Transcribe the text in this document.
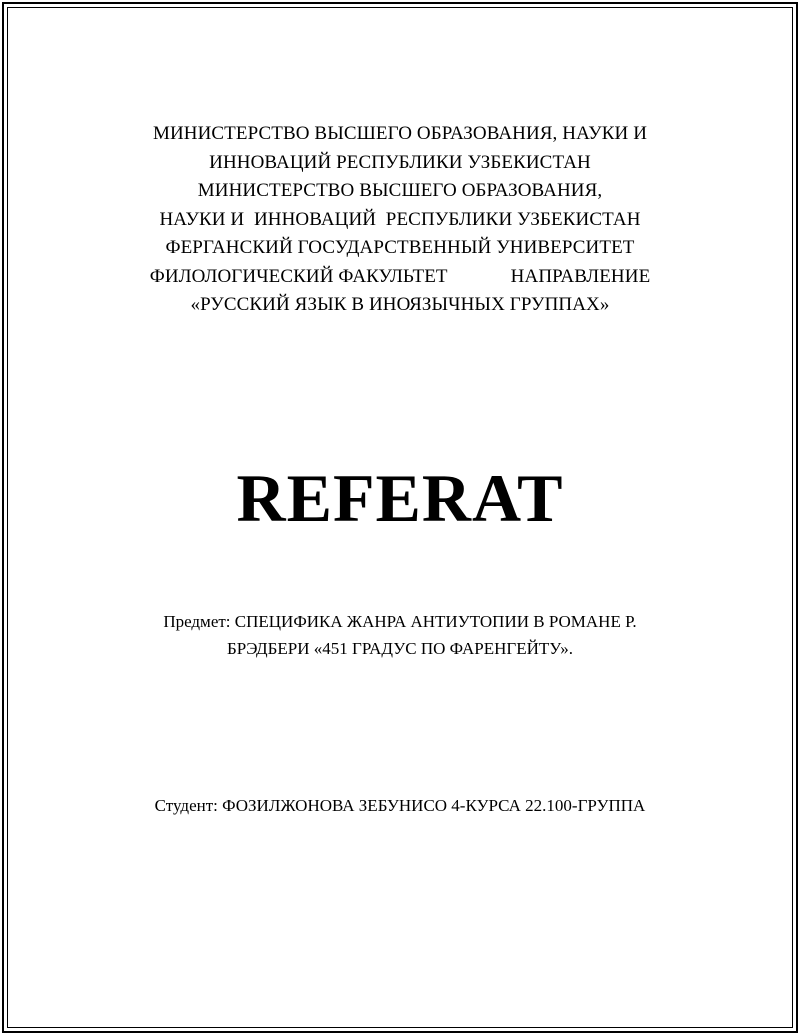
МИНИСТЕРСТВО ВЫСШЕГО ОБРАЗОВАНИЯ, НАУКИ И
ИННОВАЦИЙ РЕСПУБЛИКИ УЗБЕКИСТАН
МИНИСТЕРСТВО ВЫСШЕГО ОБРАЗОВАНИЯ,
НАУКИ И  ИННОВАЦИЙ  РЕСПУБЛИКИ УЗБЕКИСТАН
ФЕРГАНСКИЙ ГОСУДАРСТВЕННЫЙ УНИВЕРСИТЕТ
ФИЛОЛОГИЧЕСКИЙ ФАКУЛЬТЕТ             НАПРАВЛЕНИЕ
«РУССКИЙ ЯЗЫК В ИНОЯЗЫЧНЫХ ГРУППАХ»
REFERAT
Предмет: СПЕЦИФИКА ЖАНРА АНТИУТОПИИ В РОМАНЕ Р.
БРЭДБЕРИ «451 ГРАДУС ПО ФАРЕНГЕЙТУ».
Студент: ФОЗИЛЖОНОВА ЗЕБУНИСО 4-КУРСА 22.100-ГРУППА
